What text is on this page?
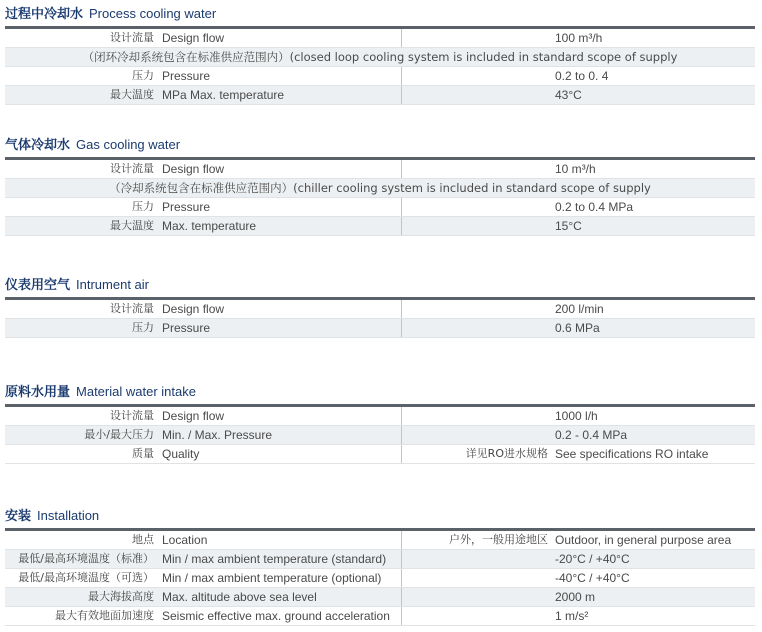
过程中冷却水 Process cooling water
设计流量 Design flow	100 m³/h
（闭环冷却系统包含在标准供应范围内）(closed loop cooling system is included in standard scope of supply
压力 Pressure	0.2 to 0. 4
最大温度 MPa Max. temperature	43°C
气体冷却水 Gas cooling water
设计流量 Design flow	10 m³/h
（冷却系统包含在标准供应范围内）(chiller cooling system is included in standard scope of supply
压力 Pressure	0.2 to 0.4 MPa
最大温度 Max. temperature	15°C
仪表用空气 Intrument air
设计流量 Design flow	200 l/min
压力 Pressure	0.6 MPa
原料水用量 Material water intake
设计流量 Design flow	1000 l/h
最小/最大压力 Min. / Max. Pressure	0.2 - 0.4 MPa
质量 Quality	详见RO进水规格 See specifications RO intake
安装 Installation
地点 Location	户外，一般用途地区 Outdoor, in general purpose area
最低/最高环境温度（标准） Min / max ambient temperature (standard)	-20°C / +40°C
最低/最高环境温度（可选） Min / max ambient temperature (optional)	-40°C / +40°C
最大海拔高度 Max. altitude above sea level	2000 m
最大有效地面加速度 Seismic effective max. ground acceleration	1 m/s²
